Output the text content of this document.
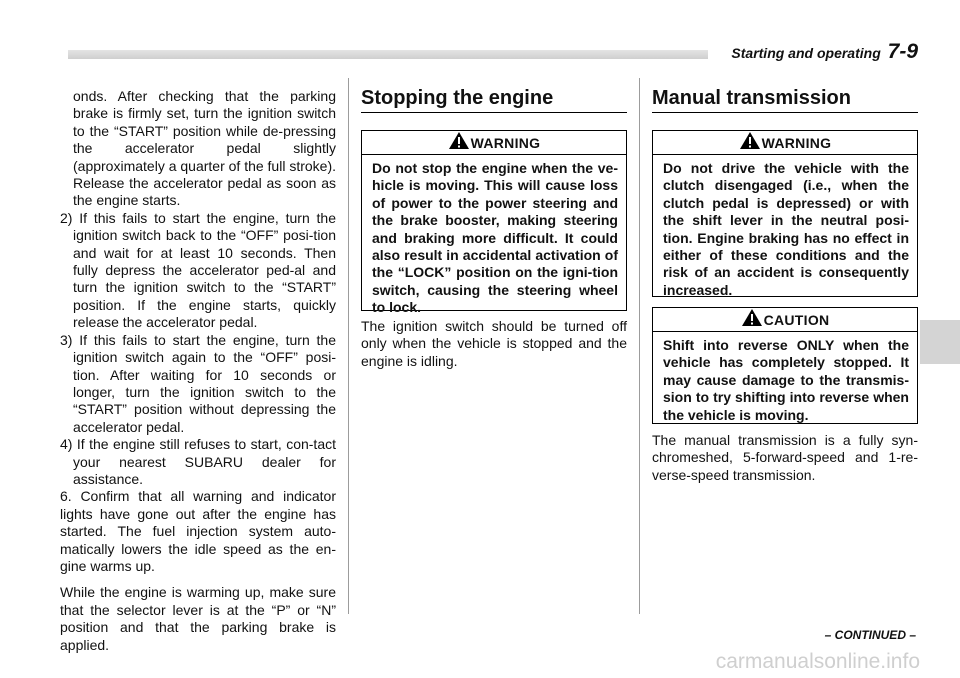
Starting and operating 7-9

onds. After checking that the parking brake is firmly set, turn the ignition switch to the “START” position while de-pressing the accelerator pedal slightly (approximately a quarter of the full stroke). Release the accelerator pedal as soon as the engine starts.

2) If this fails to start the engine, turn the ignition switch back to the “OFF” posi-tion and wait for at least 10 seconds. Then fully depress the accelerator ped-al and turn the ignition switch to the “START” position. If the engine starts, quickly release the accelerator pedal.

3) If this fails to start the engine, turn the ignition switch again to the “OFF” posi-tion. After waiting for 10 seconds or longer, turn the ignition switch to the “START” position without depressing the accelerator pedal.

4) If the engine still refuses to start, con-tact your nearest SUBARU dealer for assistance.

6. Confirm that all warning and indicator lights have gone out after the engine has started. The fuel injection system auto-matically lowers the idle speed as the en-gine warms up.

While the engine is warming up, make sure that the selector lever is at the “P” or “N” position and that the parking brake is applied.

Stopping the engine
WARNING
Do not stop the engine when the ve-hicle is moving. This will cause loss of power to the power steering and the brake booster, making steering and braking more difficult. It could also result in accidental activation of the “LOCK” position on the igni-tion switch, causing the steering wheel to lock.

The ignition switch should be turned off only when the vehicle is stopped and the engine is idling.

Manual transmission
WARNING
Do not drive the vehicle with the clutch disengaged (i.e., when the clutch pedal is depressed) or with the shift lever in the neutral posi-tion. Engine braking has no effect in either of these conditions and the risk of an accident is consequently increased.
CAUTION
Shift into reverse ONLY when the vehicle has completely stopped. It may cause damage to the transmis-sion to try shifting into reverse when the vehicle is moving.

The manual transmission is a fully syn-chromeshed, 5-forward-speed and 1-re-verse-speed transmission.

– CONTINUED –
carmanualsonline.info
